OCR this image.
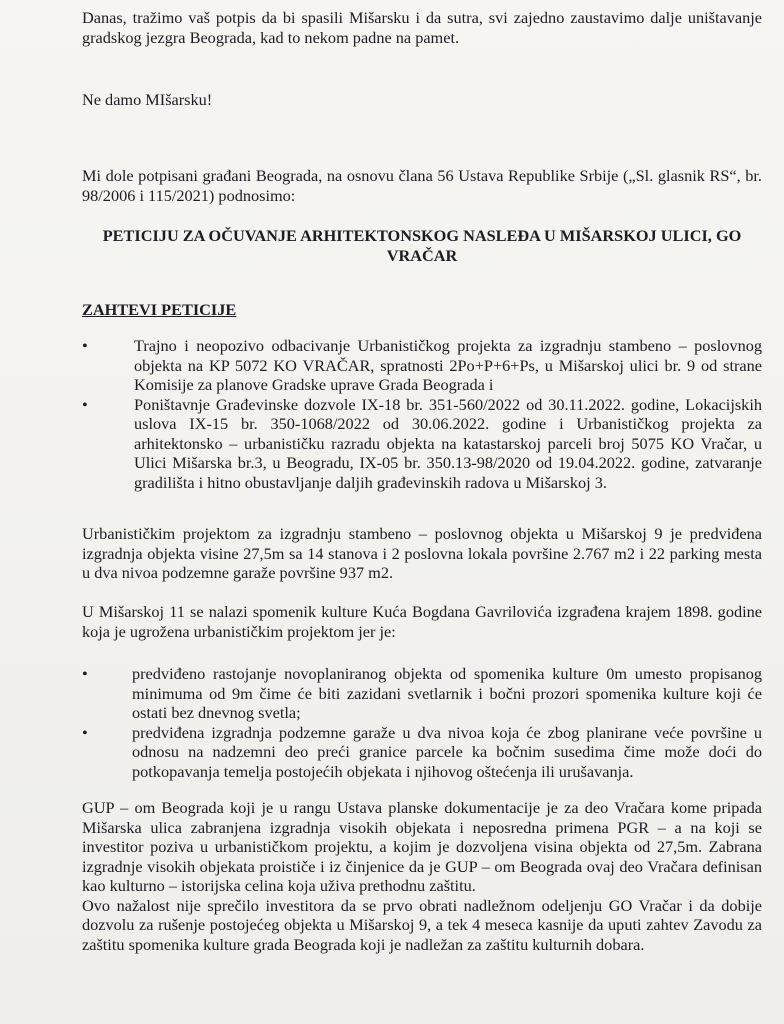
Danas, tražimo vaš potpis da bi spasili Mišarsku i da sutra, svi zajedno zaustavimo dalje uništavanje gradskog jezgra Beograda, kad to nekom padne na pamet.

Ne damo MIšarsku!

Mi dole potpisani građani Beograda, na osnovu člana 56 Ustava Republike Srbije („Sl. glasnik RS“, br. 98/2006 i 115/2021) podnosimo:

PETICIJU ZA OČUVANJE ARHITEKTONSKOG NASLEĐA U MIŠARSKOJ ULICI, GO VRAČAR

ZAHTEVI PETICIJE

•	Trajno i neopozivo odbacivanje Urbanističkog projekta za izgradnju stambeno – poslovnog objekta na KP 5072 KO VRAČAR, spratnosti 2Po+P+6+Ps, u Mišarskoj ulici br. 9 od strane Komisije za planove Gradske uprave Grada Beograda i
•	Poništavnje Građevinske dozvole IX-18 br. 351-560/2022 od 30.11.2022. godine, Lokacijskih uslova IX-15 br. 350-1068/2022 od 30.06.2022. godine i Urbanističkog projekta za arhitektonsko – urbanističku razradu objekta na katastarskoj parceli broj 5075 KO Vračar, u Ulici Mišarska br.3, u Beogradu, IX-05 br. 350.13-98/2020 od 19.04.2022. godine, zatvaranje gradilišta i hitno obustavljanje daljih građevinskih radova u Mišarskoj 3.

Urbanističkim projektom za izgradnju stambeno – poslovnog objekta u Mišarskoj 9 je predviđena izgradnja objekta visine 27,5m sa 14 stanova i 2 poslovna lokala površine 2.767 m2 i 22 parking mesta u dva nivoa podzemne garaže površine 937 m2.

U Mišarskoj 11 se nalazi spomenik kulture Kuća Bogdana Gavrilovića izgrađena krajem 1898. godine koja je ugrožena urbanističkim projektom jer je:

•	predviđeno rastojanje novoplaniranog objekta od spomenika kulture 0m umesto propisanog minimuma od 9m čime će biti zazidani svetlarnik i bočni prozori spomenika kulture koji će ostati bez dnevnog svetla;
•	predviđena izgradnja podzemne garaže u dva nivoa koja će zbog planirane veće površine u odnosu na nadzemni deo preći granice parcele ka bočnim susedima čime može doći do potkopavanja temelja postojećih objekata i njihovog oštećenja ili urušavanja.
GUP – om Beograda koji je u rangu Ustava planske dokumentacije je za deo Vračara kome pripada Mišarska ulica zabranjena izgradnja visokih objekata i neposredna primena PGR – a na koji se investitor poziva u urbanističkom projektu, a kojim je dozvoljena visina objekta od 27,5m. Zabrana izgradnje visokih objekata proističe i iz činjenice da je GUP – om Beograda ovaj deo Vračara definisan kao kulturno – istorijska celina koja uživa prethodnu zaštitu.
Ovo nažalost nije sprečilo investitora da se prvo obrati nadležnom odeljenju GO Vračar i da dobije dozvolu za rušenje postojećeg objekta u Mišarskoj 9, a tek 4 meseca kasnije da uputi zahtev Zavodu za zaštitu spomenika kulture grada Beograda koji je nadležan za zaštitu kulturnih dobara.
